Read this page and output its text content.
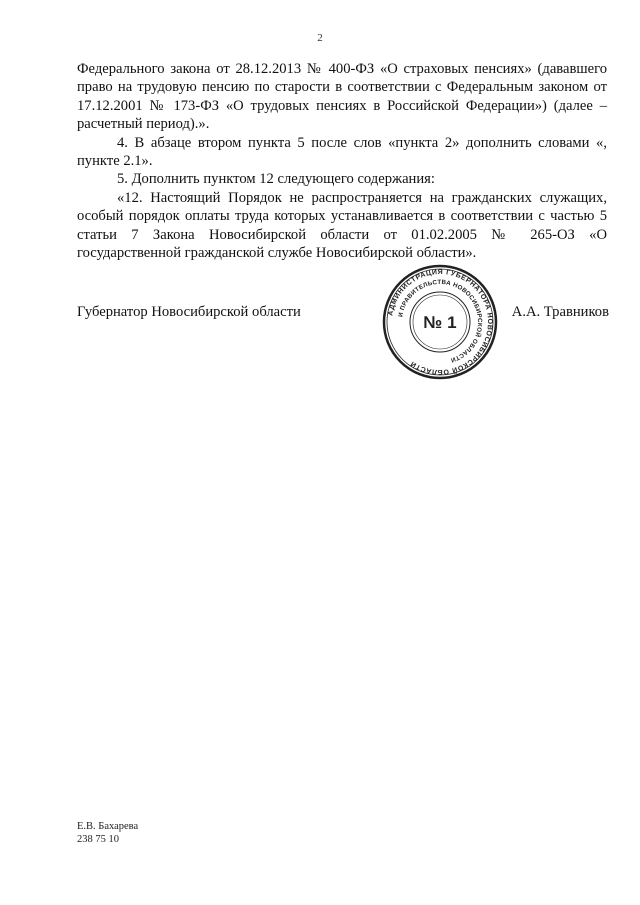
2

Федерального закона от 28.12.2013 № 400-ФЗ «О страховых пенсиях» (дававшего право на трудовую пенсию по старости в соответствии с Федеральным законом от 17.12.2001 № 173-ФЗ «О трудовых пенсиях в Российской Федерации») (далее – расчетный период).».

4. В абзаце втором пункта 5 после слов «пункта 2» дополнить словами «, пункте 2.1».

5. Дополнить пунктом 12 следующего содержания:

«12. Настоящий Порядок не распространяется на гражданских служащих, особый порядок оплаты труда которых устанавливается в соответствии с частью 5 статьи 7 Закона Новосибирской области от 01.02.2005 № 265-ОЗ «О государственной гражданской службе Новосибирской области».

Губернатор Новосибирской области	АДМИНИСТРАЦИЯ ГУБЕРНАТОРА НОВОСИБИРСКОЙ ОБЛАСТИ
И ПРАВИТЕЛЬСТВА НОВОСИБИРСКОЙ ОБЛАСТИ
№ 1
А.А. Травников
Е.В. Бахарева
238 75 10
